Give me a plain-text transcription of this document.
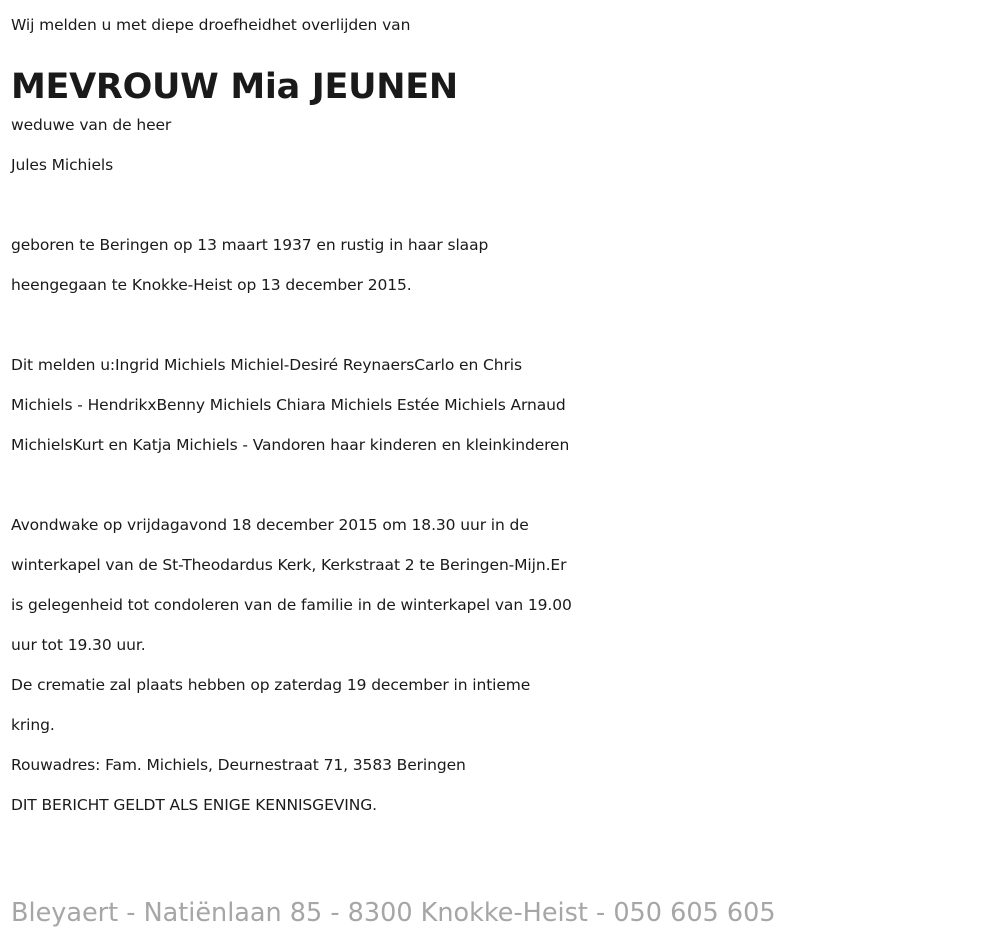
Wij melden u met diepe droefheidhet overlijden van
MEVROUW Mia JEUNEN
weduwe van de heer
Jules Michiels
geboren te Beringen op 13 maart 1937 en rustig in haar slaap
heengegaan te Knokke-Heist op 13 december 2015.
Dit melden u:Ingrid Michiels Michiel-Desiré ReynaersCarlo en Chris
Michiels - HendrikxBenny Michiels Chiara Michiels Estée Michiels Arnaud
MichielsKurt en Katja Michiels - Vandoren haar kinderen en kleinkinderen
Avondwake op vrijdagavond 18 december 2015 om 18.30 uur in de
winterkapel van de St-Theodardus Kerk, Kerkstraat 2 te Beringen-Mijn.Er
is gelegenheid tot condoleren van de familie in de winterkapel van 19.00
uur tot 19.30 uur.
De crematie zal plaats hebben op zaterdag 19 december in intieme
kring.
Rouwadres: Fam. Michiels, Deurnestraat 71, 3583 Beringen
DIT BERICHT GELDT ALS ENIGE KENNISGEVING.
Bleyaert - Natiënlaan 85 - 8300 Knokke-Heist - 050 605 605
